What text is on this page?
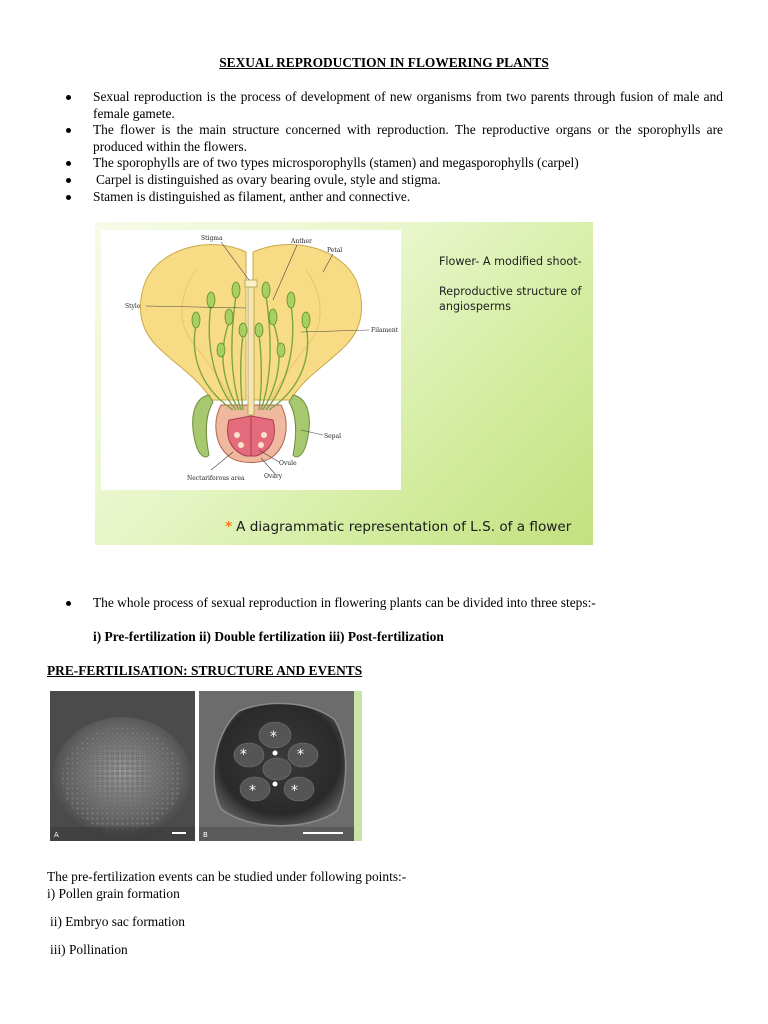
SEXUAL REPRODUCTION IN FLOWERING PLANTS
Sexual reproduction is the process of development of new organisms from two parents through fusion of male and female gamete.
The flower is the main structure concerned with reproduction. The reproductive organs or the sporophylls are produced within the flowers.
The sporophylls are of two types microsporophylls (stamen) and megasporophylls (carpel)
Carpel is distinguished as ovary bearing ovule, style and stigma.
Stamen is distinguished as filament, anther and connective.
Stigma	Anther
Petal
Style
Filament
Sepal
Ovule
Ovary
Nectariferous area

Flower- A modified shoot-

Reproductive structure of angiosperms

* A diagrammatic representation of L.S. of a flower
The whole process of sexual reproduction in flowering plants can be divided into three steps:-
i) Pre-fertilization ii) Double fertilization iii) Post-fertilization
PRE-FERTILISATION: STRUCTURE AND EVENTS
A
*
*	*
*	*
B
The pre-fertilization events can be studied under following points:-
i) Pollen grain formation
ii) Embryo sac formation
iii) Pollination
